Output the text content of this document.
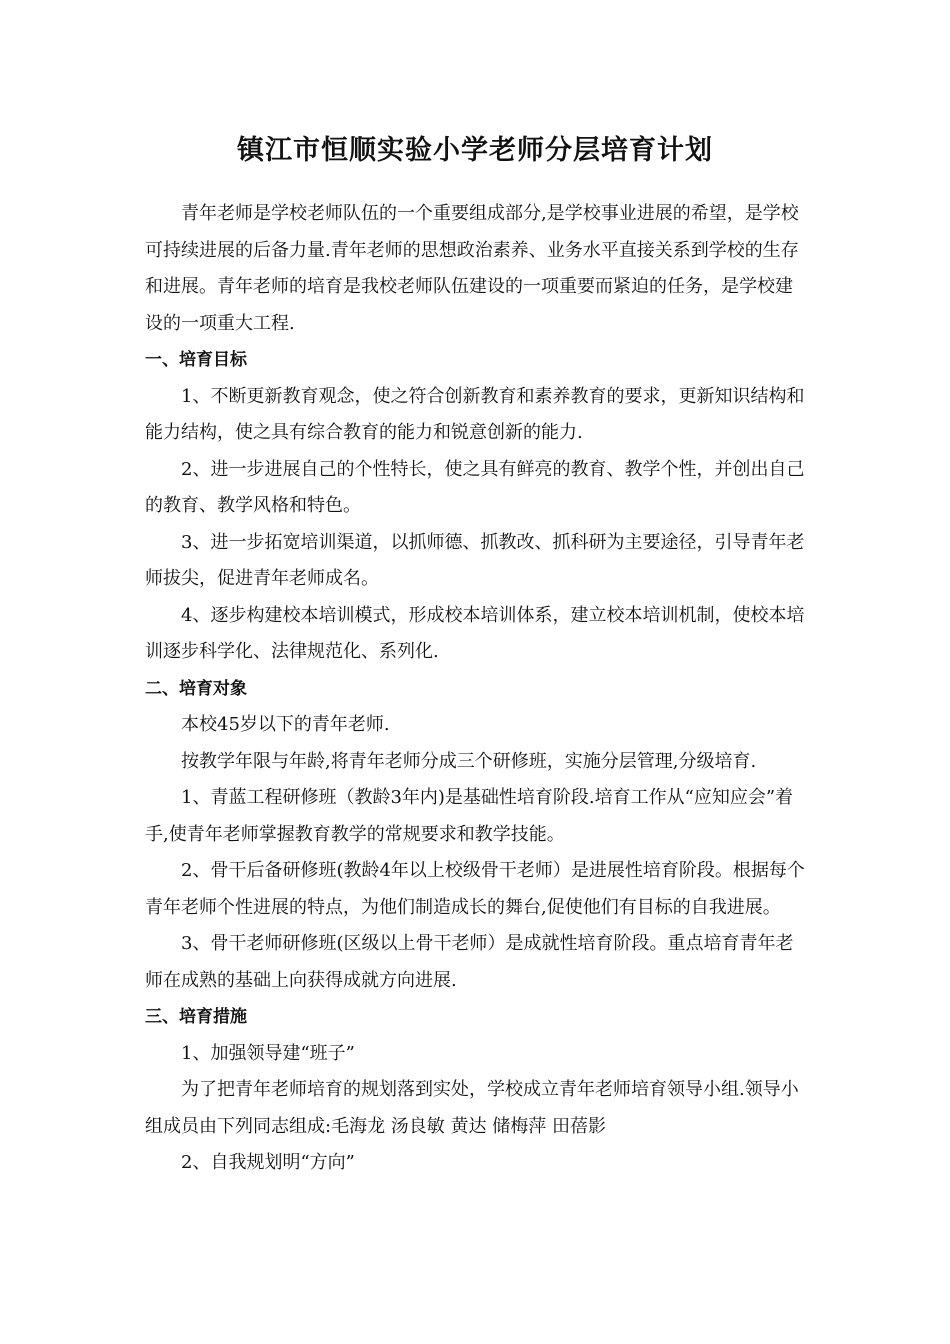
镇江市恒顺实验小学老师分层培育计划

青年老师是学校老师队伍的一个重要组成部分,是学校事业进展的希望，是学校可持续进展的后备力量.青年老师的思想政治素养、业务水平直接关系到学校的生存和进展。青年老师的培育是我校老师队伍建设的一项重要而紧迫的任务，是学校建设的一项重大工程.

一、培育目标

1、不断更新教育观念，使之符合创新教育和素养教育的要求，更新知识结构和能力结构，使之具有综合教育的能力和锐意创新的能力.

2、进一步进展自己的个性特长，使之具有鲜亮的教育、教学个性，并创出自己的教育、教学风格和特色。

3、进一步拓宽培训渠道，以抓师德、抓教改、抓科研为主要途径，引导青年老师拔尖，促进青年老师成名。

4、逐步构建校本培训模式，形成校本培训体系，建立校本培训机制，使校本培训逐步科学化、法律规范化、系列化.

二、培育对象

本校45岁以下的青年老师.

按教学年限与年龄,将青年老师分成三个研修班，实施分层管理,分级培育.

1、青蓝工程研修班（教龄3年内)是基础性培育阶段.培育工作从“应知应会”着手,使青年老师掌握教育教学的常规要求和教学技能。

2、骨干后备研修班(教龄4年以上校级骨干老师）是进展性培育阶段。根据每个青年老师个性进展的特点，为他们制造成长的舞台,促使他们有目标的自我进展。

3、骨干老师研修班(区级以上骨干老师）是成就性培育阶段。重点培育青年老师在成熟的基础上向获得成就方向进展.

三、培育措施

1、加强领导建“班子”

为了把青年老师培育的规划落到实处，学校成立青年老师培育领导小组.领导小组成员由下列同志组成:毛海龙 汤良敏 黄达 储梅萍 田蓓影

2、自我规划明“方向”
